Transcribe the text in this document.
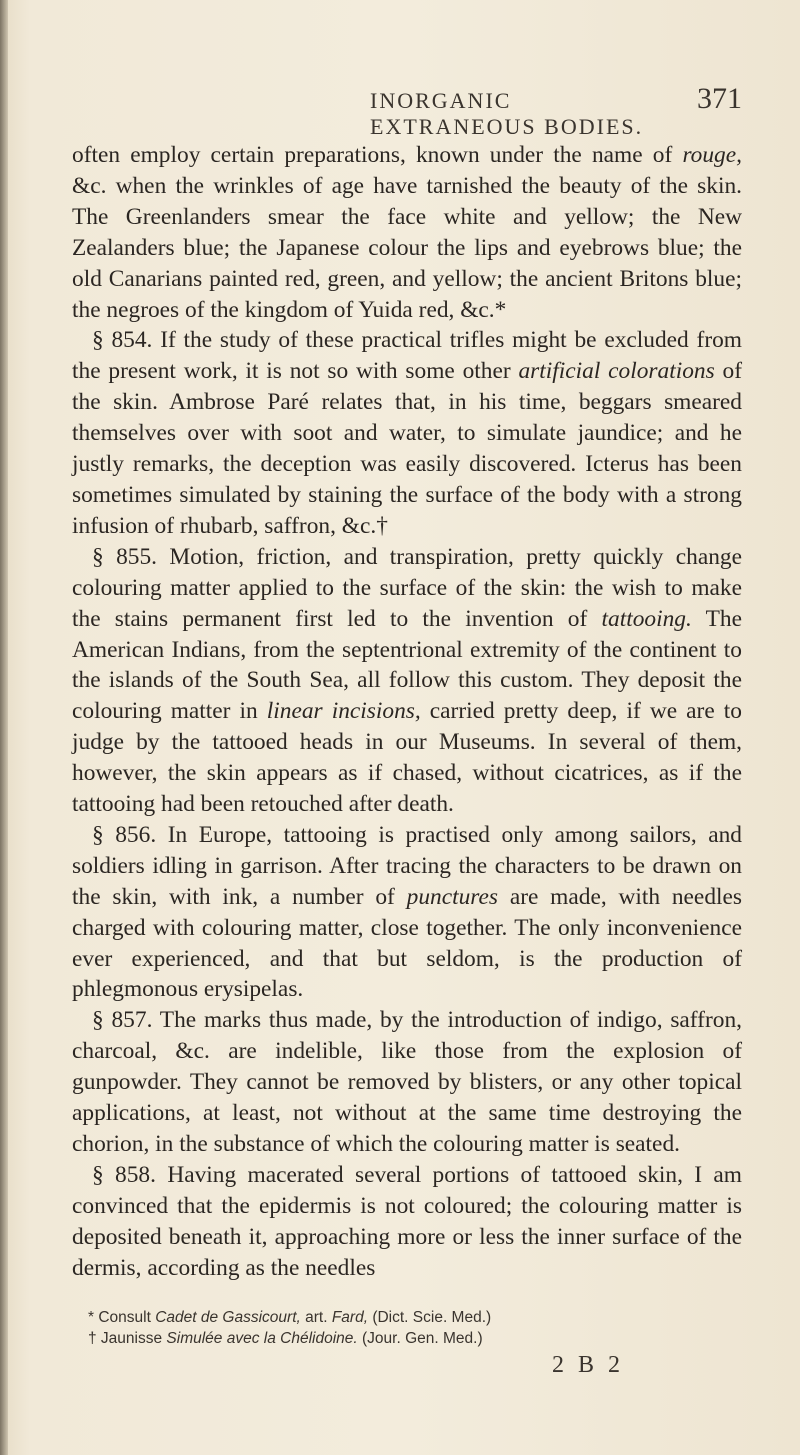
INORGANIC EXTRANEOUS BODIES.
371

often employ certain preparations, known under the name of rouge, &c. when the wrinkles of age have tarnished the beauty of the skin. The Greenlanders smear the face white and yellow; the New Zealanders blue; the Japanese colour the lips and eyebrows blue; the old Canarians painted red, green, and yellow; the ancient Britons blue; the negroes of the kingdom of Yuida red, &c.*

§ 854. If the study of these practical trifles might be excluded from the present work, it is not so with some other artificial colorations of the skin. Ambrose Paré relates that, in his time, beggars smeared themselves over with soot and water, to simulate jaundice; and he justly remarks, the deception was easily discovered. Icterus has been sometimes simulated by staining the surface of the body with a strong infusion of rhubarb, saffron, &c.†

§ 855. Motion, friction, and transpiration, pretty quickly change colouring matter applied to the surface of the skin: the wish to make the stains permanent first led to the invention of tattooing. The American Indians, from the septentrional extremity of the continent to the islands of the South Sea, all follow this custom. They deposit the colouring matter in linear incisions, carried pretty deep, if we are to judge by the tattooed heads in our Museums. In several of them, however, the skin appears as if chased, without cicatrices, as if the tattooing had been retouched after death.

§ 856. In Europe, tattooing is practised only among sailors, and soldiers idling in garrison. After tracing the characters to be drawn on the skin, with ink, a number of punctures are made, with needles charged with colouring matter, close together. The only inconvenience ever experienced, and that but seldom, is the production of phlegmonous erysipelas.

§ 857. The marks thus made, by the introduction of indigo, saffron, charcoal, &c. are indelible, like those from the explosion of gunpowder. They cannot be removed by blisters, or any other topical applications, at least, not without at the same time destroying the chorion, in the substance of which the colouring matter is seated.

§ 858. Having macerated several portions of tattooed skin, I am convinced that the epidermis is not coloured; the colouring matter is deposited beneath it, approaching more or less the inner surface of the dermis, according as the needles

* Consult Cadet de Gassicourt, art. Fard, (Dict. Scie. Med.)
† Jaunisse Simulée avec la Chélidoine. (Jour. Gen. Med.)
2 B 2
